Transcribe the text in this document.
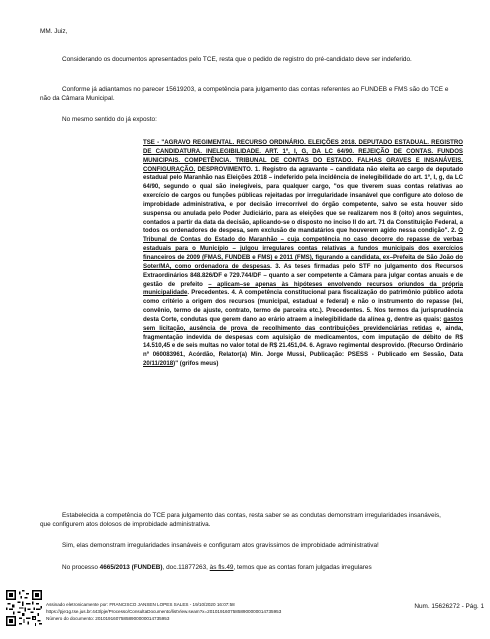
MM. Juiz,

Considerando os documentos apresentados pelo TCE, resta que o pedido de registro do pré-candidato deve ser indeferido.

Conforme já adiantamos no parecer 15619203, a competência para julgamento das contas referentes ao FUNDEB e FMS são do TCE e não da Câmara Municipal.

No mesmo sentido do já exposto:

TSE - "AGRAVO REGIMENTAL. RECURSO ORDINÁRIO. ELEIÇÕES 2018. DEPUTADO ESTADUAL. REGISTRO DE CANDIDATURA. INELEGIBILIDADE. ART. 1º, I, G, DA LC 64/90. REJEIÇÃO DE CONTAS. FUNDOS MUNICIPAIS. COMPETÊNCIA. TRIBUNAL DE CONTAS DO ESTADO. FALHAS GRAVES E INSANÁVEIS. CONFIGURAÇÃO. DESPROVIMENTO. 1. Registro da agravante – candidata não eleita ao cargo de deputado estadual pelo Maranhão nas Eleições 2018 – indeferido pela incidência de inelegibilidade do art. 1º, I, g, da LC 64/90, segundo o qual são inelegíveis, para qualquer cargo, "os que tiverem suas contas relativas ao exercício de cargos ou funções públicas rejeitadas por irregularidade insanável que configure ato doloso de improbidade administrativa, e por decisão irrecorrível do órgão competente, salvo se esta houver sido suspensa ou anulada pelo Poder Judiciário, para as eleições que se realizarem nos 8 (oito) anos seguintes, contados a partir da data da decisão, aplicando-se o disposto no inciso II do art. 71 da Constituição Federal, a todos os ordenadores de despesa, sem exclusão de mandatários que houverem agido nessa condição". 2. O Tribunal de Contas do Estado do Maranhão – cuja competência no caso decorre do repasse de verbas estaduais para o Município – julgou irregulares contas relativas a fundos municipais dos exercícios financeiros de 2009 (FMAS, FUNDEB e FMS) e 2011 (FMS), figurando a candidata, ex–Prefeita de São João do Soter/MA, como ordenadora de despesas. 3. As teses firmadas pelo STF no julgamento dos Recursos Extraordinários 848.826/DF e 729.744/DF – quanto a ser competente a Câmara para julgar contas anuais e de gestão de prefeito – aplicam–se apenas às hipóteses envolvendo recursos oriundos da própria municipalidade. Precedentes. 4. A competência constitucional para fiscalização do patrimônio público adota como critério a origem dos recursos (municipal, estadual e federal) e não o instrumento do repasse (lei, convênio, termo de ajuste, contrato, termo de parceira etc.). Precedentes. 5. Nos termos da jurisprudência desta Corte, condutas que gerem dano ao erário atraem a inelegibilidade da alínea g, dentre as quais: gastos sem licitação, ausência de prova de recolhimento das contribuições previdenciárias retidas e, ainda, fragmentação indevida de despesas com aquisição de medicamentos, com imputação de débito de R$ 14.510,45 e de seis multas no valor total de R$ 21.451,04. 6. Agravo regimental desprovido. (Recurso Ordinário nº 060083961, Acórdão, Relator(a) Min. Jorge Mussi, Publicação: PSESS - Publicado em Sessão, Data 20/11/2018)" (grifos meus)

Estabelecida a competência do TCE para julgamento das contas, resta saber se as condutas demonstram irregularidades insanáveis, que configurem atos dolosos de improbidade administrativa.

Sim, elas demonstram irregularidades insanáveis e configuram atos gravíssimos de improbidade administrativa!

No processo 4665/2013 (FUNDEB), doc.11877263, às fls.49, temos que as contas foram julgadas irregulares

Assinado eletronicamente por: FRANCISCO JANSEN LOPES SALES - 19/10/2020 16:07:58
https://pje1g.tse.jus.br:443/pje/Processo/ConsultaDocumento/listView.seam?x=20101916075858900000014735953
Número do documento: 20101916075858900000014735953
Num. 15626272 - Pág. 1
